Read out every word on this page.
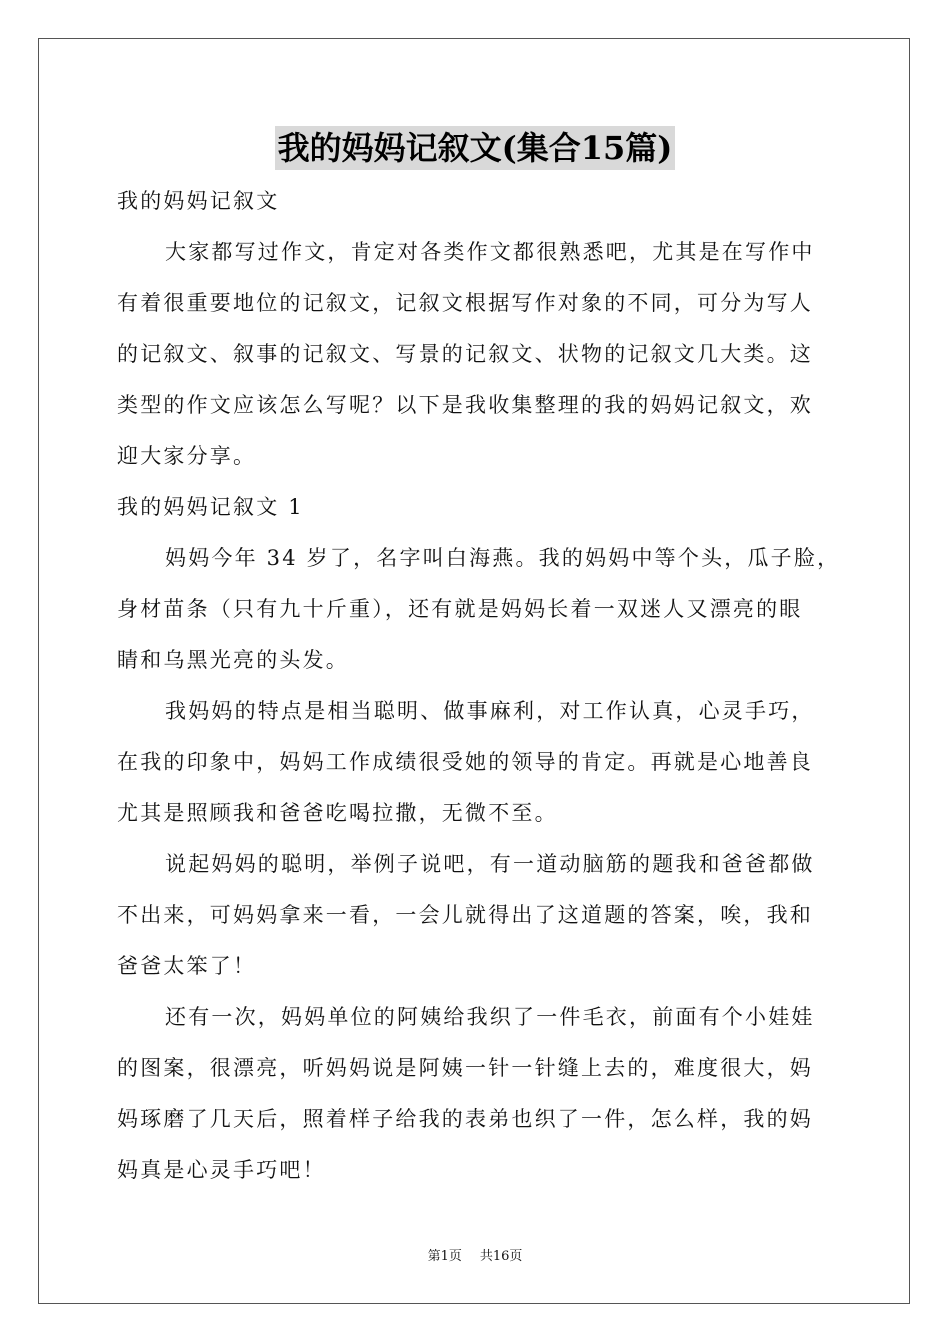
我的妈妈记叙文(集合15篇)
我的妈妈记叙文
大家都写过作文，肯定对各类作文都很熟悉吧，尤其是在写作中
有着很重要地位的记叙文，记叙文根据写作对象的不同，可分为写人
的记叙文、叙事的记叙文、写景的记叙文、状物的记叙文几大类。这
类型的作文应该怎么写呢？以下是我收集整理的我的妈妈记叙文，欢
迎大家分享。
我的妈妈记叙文 1
妈妈今年 34 岁了，名字叫白海燕。我的妈妈中等个头，瓜子脸，
身材苗条（只有九十斤重），还有就是妈妈长着一双迷人又漂亮的眼
睛和乌黑光亮的头发。
我妈妈的特点是相当聪明、做事麻利，对工作认真，心灵手巧，
在我的印象中，妈妈工作成绩很受她的领导的肯定。再就是心地善良
尤其是照顾我和爸爸吃喝拉撒，无微不至。
说起妈妈的聪明，举例子说吧，有一道动脑筋的题我和爸爸都做
不出来，可妈妈拿来一看，一会儿就得出了这道题的答案，唉，我和
爸爸太笨了！
还有一次，妈妈单位的阿姨给我织了一件毛衣，前面有个小娃娃
的图案，很漂亮，听妈妈说是阿姨一针一针缝上去的，难度很大，妈
妈琢磨了几天后，照着样子给我的表弟也织了一件，怎么样，我的妈
妈真是心灵手巧吧！
第1页 共16页
